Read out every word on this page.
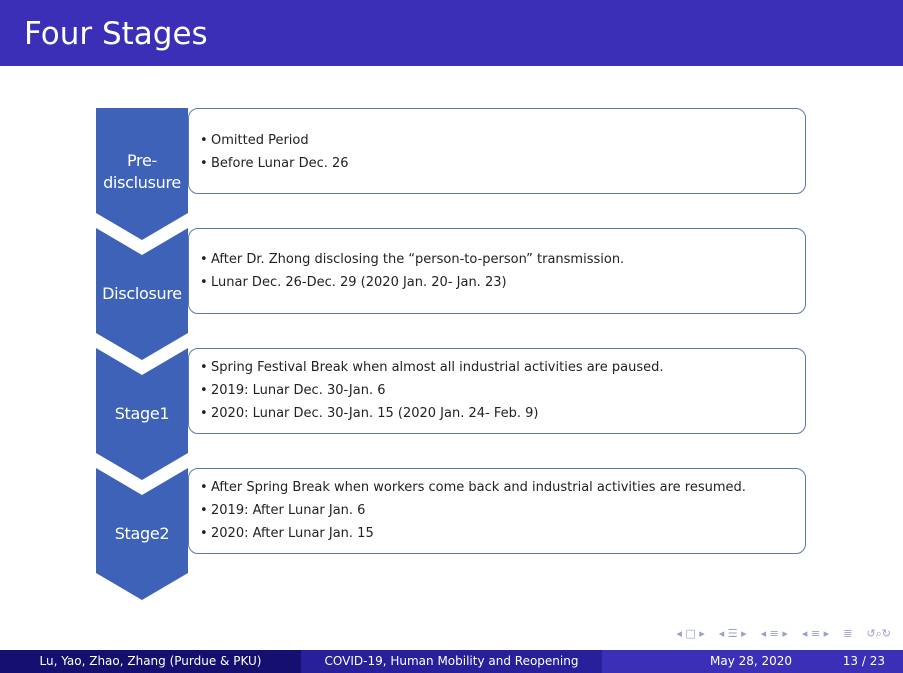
Four Stages
Pre-
disclusure
Disclosure
Stage1
Stage2
• Omitted Period
• Before Lunar Dec. 26
• After Dr. Zhong disclosing the “person-to-person” transmission.
• Lunar Dec. 26-Dec. 29 (2020 Jan. 20- Jan. 23)
• Spring Festival Break when almost all industrial activities are paused.
• 2019: Lunar Dec. 30-Jan. 6
• 2020: Lunar Dec. 30-Jan. 15 (2020 Jan. 24- Feb. 9)
• After Spring Break when workers come back and industrial activities are resumed.
• 2019: After Lunar Jan. 6
• 2020: After Lunar Jan. 15
◂ □ ▸ ◂ ☰ ▸ ◂ ≡ ▸ ◂ ≡ ▸ ≣ ↺⌕↻
Lu, Yao, Zhao, Zhang (Purdue & PKU)	COVID-19, Human Mobility and Reopening	May 28, 2020	13 / 23
